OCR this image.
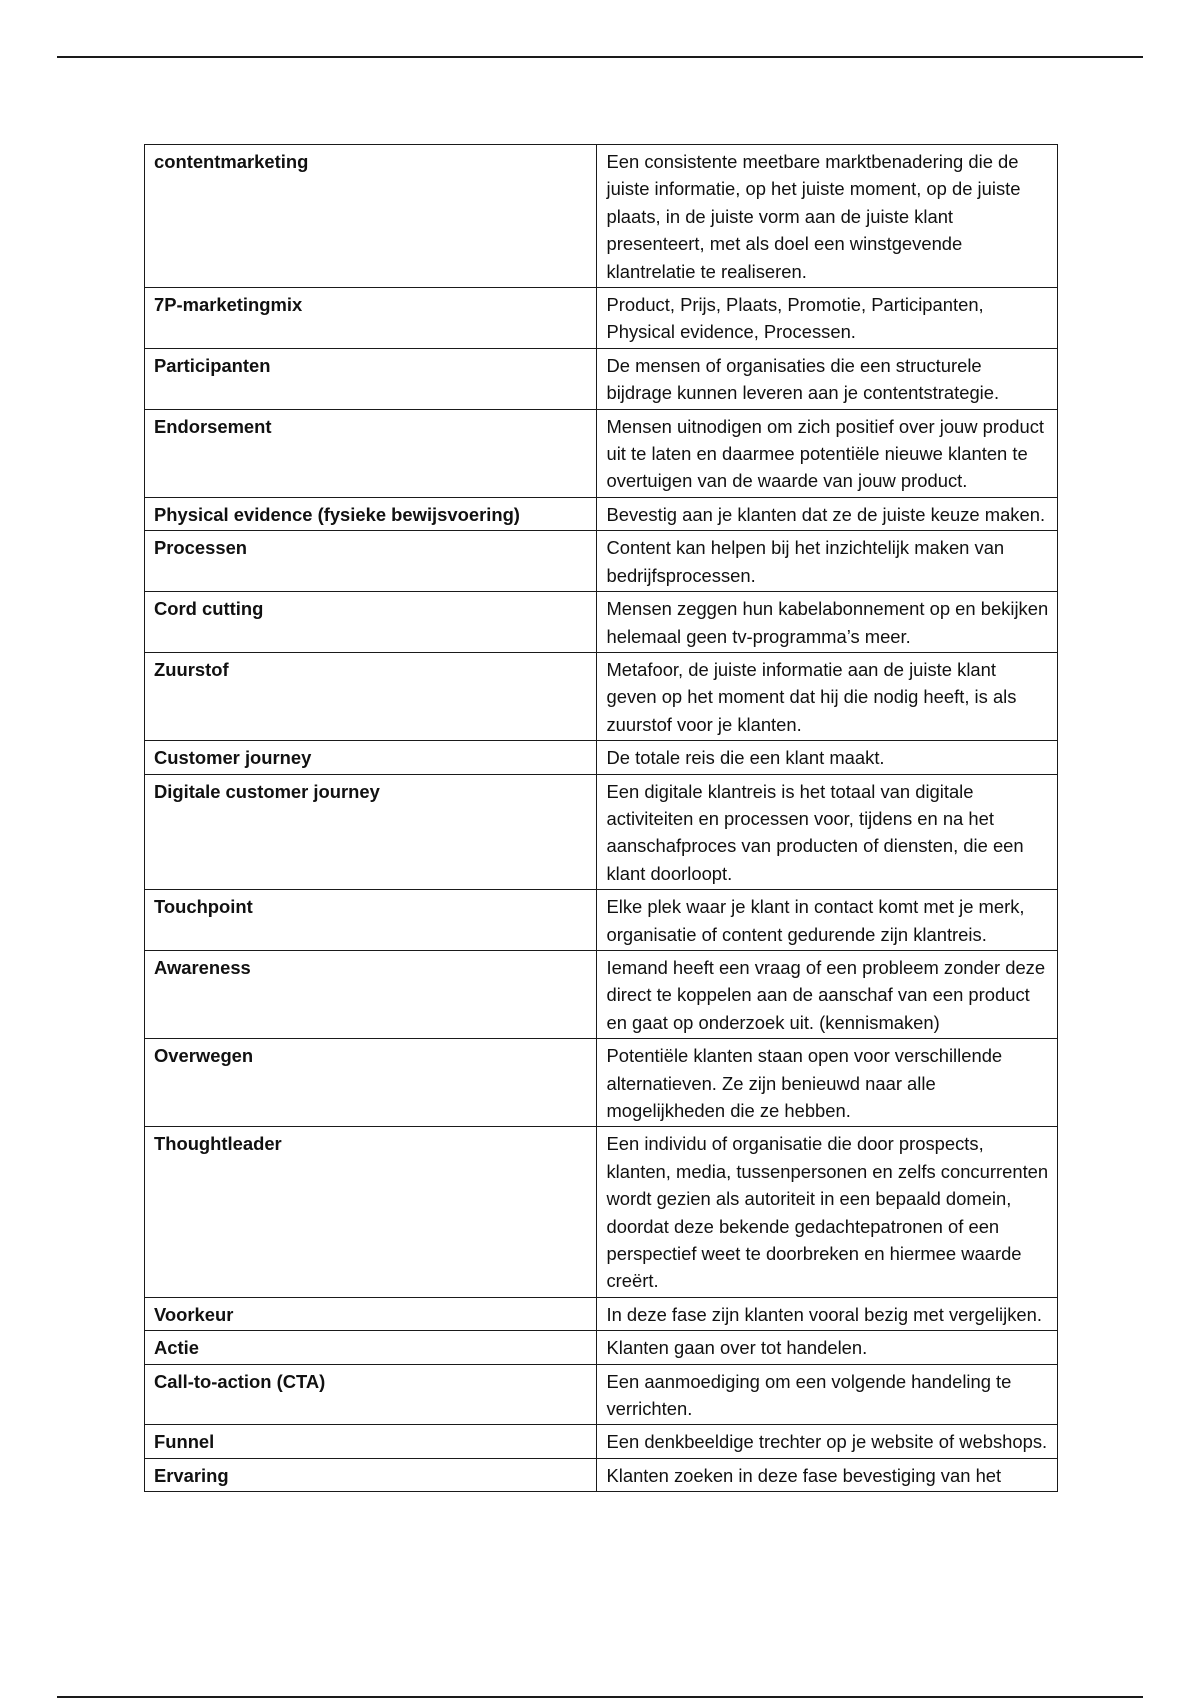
contentmarketing	Een consistente meetbare marktbenadering die de juiste informatie, op het juiste moment, op de juiste plaats, in de juiste vorm aan de juiste klant presenteert, met als doel een winstgevende klantrelatie te realiseren.
7P-marketingmix	Product, Prijs, Plaats, Promotie, Participanten, Physical evidence, Processen.
Participanten	De mensen of organisaties die een structurele bijdrage kunnen leveren aan je contentstrategie.
Endorsement	Mensen uitnodigen om zich positief over jouw product uit te laten en daarmee potentiële nieuwe klanten te overtuigen van de waarde van jouw product.
Physical evidence (fysieke bewijsvoering)	Bevestig aan je klanten dat ze de juiste keuze maken.
Processen	Content kan helpen bij het inzichtelijk maken van bedrijfsprocessen.
Cord cutting	Mensen zeggen hun kabelabonnement op en bekijken helemaal geen tv-programma’s meer.
Zuurstof	Metafoor, de juiste informatie aan de juiste klant geven op het moment dat hij die nodig heeft, is als zuurstof voor je klanten.
Customer journey	De totale reis die een klant maakt.
Digitale customer journey	Een digitale klantreis is het totaal van digitale activiteiten en processen voor, tijdens en na het aanschafproces van producten of diensten, die een klant doorloopt.
Touchpoint	Elke plek waar je klant in contact komt met je merk, organisatie of content gedurende zijn klantreis.
Awareness	Iemand heeft een vraag of een probleem zonder deze direct te koppelen aan de aanschaf van een product en gaat op onderzoek uit. (kennismaken)
Overwegen	Potentiële klanten staan open voor verschillende alternatieven. Ze zijn benieuwd naar alle mogelijkheden die ze hebben.
Thoughtleader	Een individu of organisatie die door prospects, klanten, media, tussenpersonen en zelfs concurrenten wordt gezien als autoriteit in een bepaald domein, doordat deze bekende gedachtepatronen of een perspectief weet te doorbreken en hiermee waarde creërt.
Voorkeur	In deze fase zijn klanten vooral bezig met vergelijken.
Actie	Klanten gaan over tot handelen.
Call-to-action (CTA)	Een aanmoediging om een volgende handeling te verrichten.
Funnel	Een denkbeeldige trechter op je website of webshops.
Ervaring	Klanten zoeken in deze fase bevestiging van het
